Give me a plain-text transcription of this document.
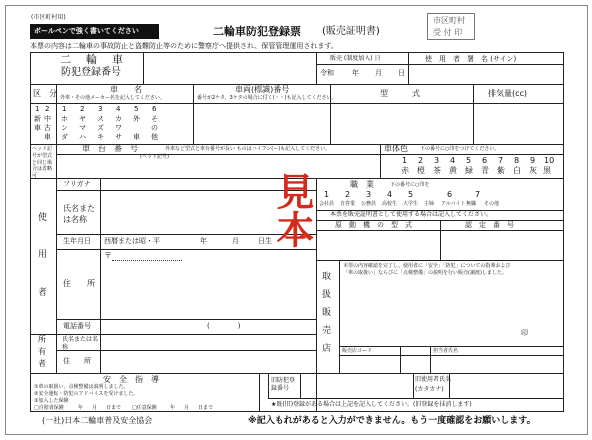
(市区町村用)
ボールペンで強く書いてください	二輪車防犯登録票 (販売証明書)
市区町村
受 付 印
本票の内容は二輪車の事故防止と盗難防止等のために警察庁へ提供され、保管管理運用されます。
二　輪　車
防犯登録番号
販売 (制度加入) 日
令和	年 月 日
使　用　者　署　名 (サイン)
区　分	車　　名
外車・その他メーカー名を記入してください。
車両(標識)番号
番号が2ケタ、3ケタの場合に付く(・・)も記入してください。	型　　　式	排気量(cc)
1 2
新 中
車 古
車
1 2 3 4 5 6
ホ ヤ ス カ 外 そ
ン マ ズ ワ	の
ダ ハ キ サ 車 他
ヘッド記号が型式と同じ場合は省略可
車　台　番　号	外車など型式と車台番号が長い ものはハイフン(ー)も記入してください。
(ヘッド記号)
車体色 下の番号に○印をつけてください。
1 2 3 4 5 6 7 8 9 10
赤 橙 茶 黄 緑 青 紫 白 灰 黒
使
用
者
フリガナ
氏名または名称
生年月日 西暦または昭・平	年	月	日生
住　　所
〒
電話番号	(　　　　)
職　業	下の番号に○印を
1 2 3 4 5	6	7
会社員 自営業 公務員 高校生 大学生 主婦 アルバイト 無職 その他
本票を販売証明書として使用する場合は記入してください。
原　動　機　の　型　式	認　定　番　号
取
扱
販
売
店
本票の内容確認を完了し、使用者に「安全」「防犯」についての指導および
「車の取扱い」ならびに「点検整備」の説明を行い販売(譲渡)しました。
印
販売店コード	担当者氏名
所
有
者
氏名または名称
住　　所
安　全　指　導
①車の取扱い、点検整備は説明しました。
②安全運転・防犯のアドバイスを受けました。
③加入した保険
□自賠責保険	年 月 日まで □任意保険	年 月 日まで
旧防犯登録番号
旧使用者氏名
(カタカナ)
★既(旧)登録がある場合は上記を記入してください。(旧登録を抹消します)
(一社)日本二輪車普及安全協会	※記入もれがあると入力ができません。もう一度確認をお願いします。
見本
